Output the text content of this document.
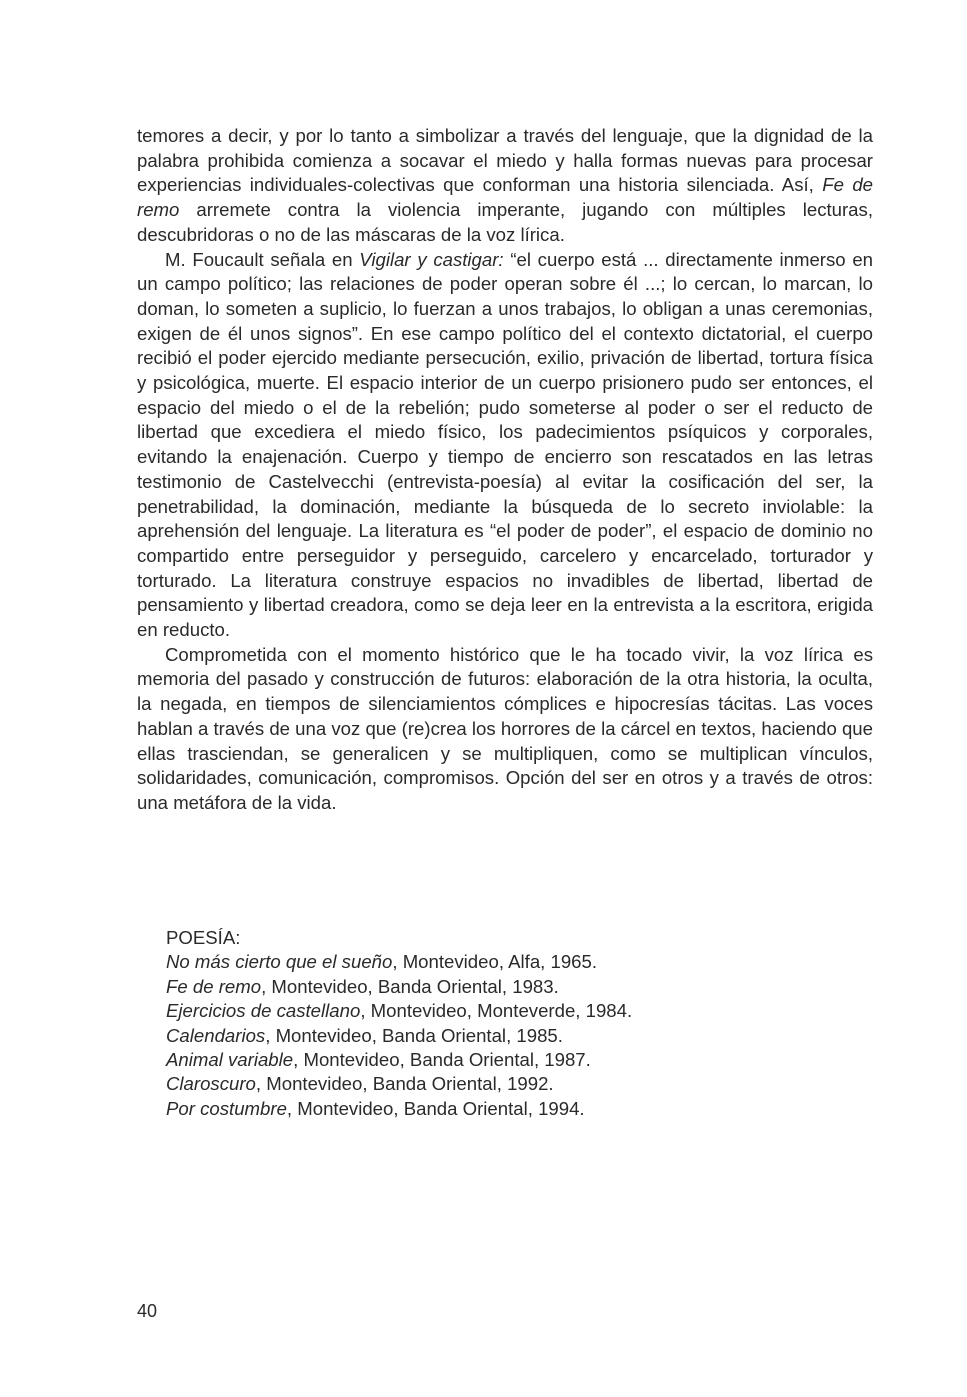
temores a decir, y por lo tanto a simbolizar a través del lenguaje, que la dignidad de la palabra prohibida comienza a socavar el miedo y halla formas nuevas para procesar experiencias individuales-colectivas que conforman una historia silenciada. Así, Fe de remo arremete contra la violencia imperante, jugando con múltiples lecturas, descubridoras o no de las máscaras de la voz lírica.

M. Foucault señala en Vigilar y castigar: “el cuerpo está ... directamente inmerso en un campo político; las relaciones de poder operan sobre él ...; lo cercan, lo marcan, lo doman, lo someten a suplicio, lo fuerzan a unos trabajos, lo obligan a unas ceremonias, exigen de él unos signos”. En ese campo político del el contexto dictatorial, el cuerpo recibió el poder ejercido mediante persecución, exilio, privación de libertad, tortura física y psicológica, muerte. El espacio interior de un cuerpo prisionero pudo ser entonces, el espacio del miedo o el de la rebelión; pudo someterse al poder o ser el reducto de libertad que excediera el miedo físico, los padecimientos psíquicos y corporales, evitando la enajenación. Cuerpo y tiempo de encierro son rescatados en las letras testimonio de Castelvecchi (entrevista-poesía) al evitar la cosificación del ser, la penetrabilidad, la dominación, mediante la búsqueda de lo secreto inviolable: la aprehensión del lenguaje. La literatura es “el poder de poder”, el espacio de dominio no compartido entre perseguidor y perseguido, carcelero y encarcelado, torturador y torturado. La literatura construye espacios no invadibles de libertad, libertad de pensamiento y libertad creadora, como se deja leer en la entrevista a la escritora, erigida en reducto.

Comprometida con el momento histórico que le ha tocado vivir, la voz lírica es memoria del pasado y construcción de futuros: elaboración de la otra historia, la oculta, la negada, en tiempos de silenciamientos cómplices e hipocresías tácitas. Las voces hablan a través de una voz que (re)crea los horrores de la cárcel en textos, haciendo que ellas trasciendan, se generalicen y se multipliquen, como se multiplican vínculos, solidaridades, comunicación, compromisos. Opción del ser en otros y a través de otros: una metáfora de la vida.

POESÍA:

No más cierto que el sueño, Montevideo, Alfa, 1965.
Fe de remo, Montevideo, Banda Oriental, 1983.
Ejercicios de castellano, Montevideo, Monteverde, 1984.
Calendarios, Montevideo, Banda Oriental, 1985.
Animal variable, Montevideo, Banda Oriental, 1987.
Claroscuro, Montevideo, Banda Oriental, 1992.
Por costumbre, Montevideo, Banda Oriental, 1994.
40
